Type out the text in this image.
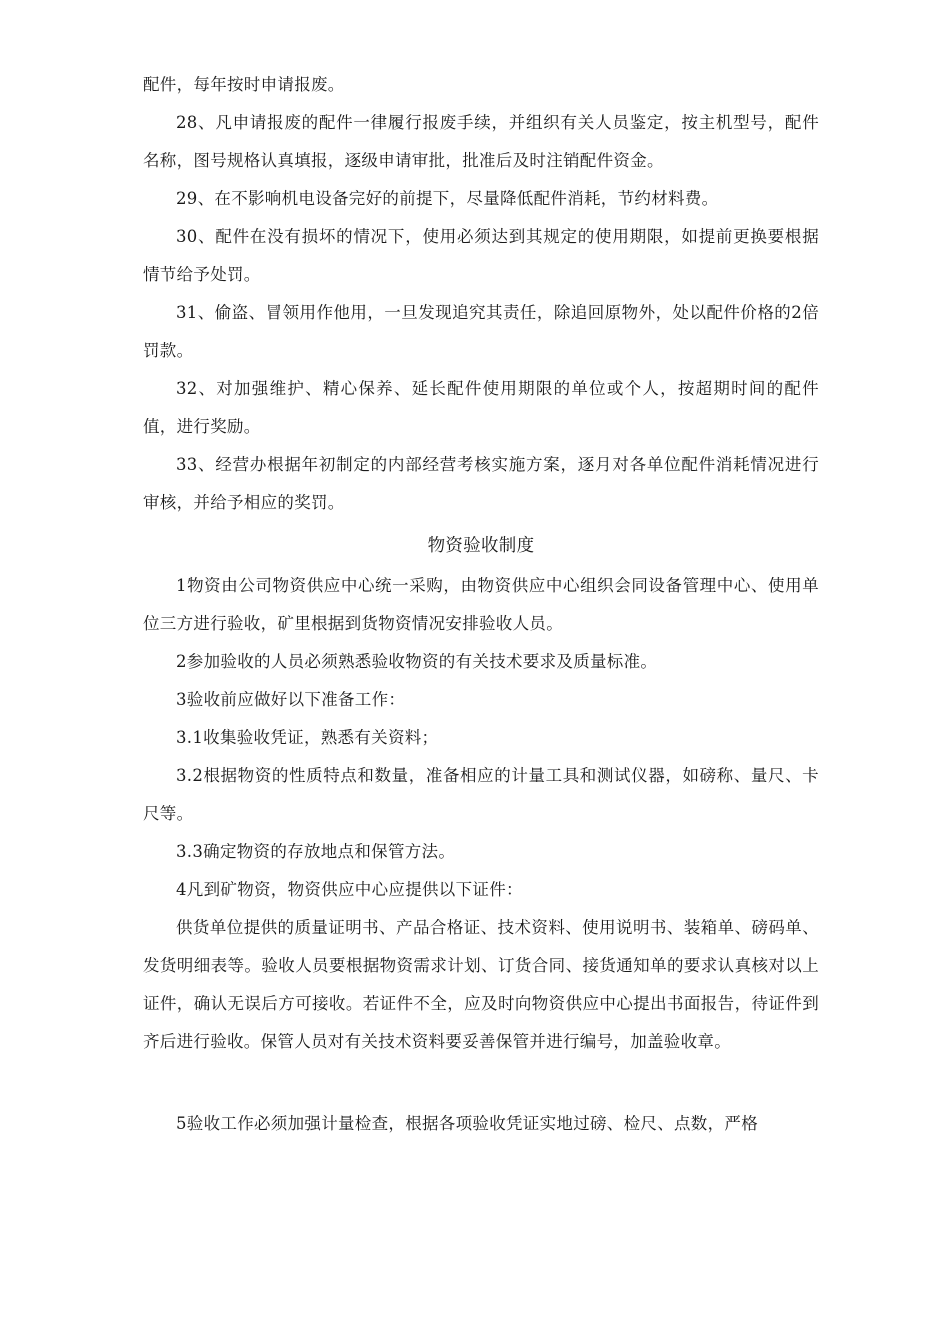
配件，每年按时申请报废。

28、凡申请报废的配件一律履行报废手续，并组织有关人员鉴定，按主机型号，配件名称，图号规格认真填报，逐级申请审批，批准后及时注销配件资金。

29、在不影响机电设备完好的前提下，尽量降低配件消耗，节约材料费。

30、配件在没有损坏的情况下，使用必须达到其规定的使用期限，如提前更换要根据情节给予处罚。

31、偷盗、冒领用作他用，一旦发现追究其责任，除追回原物外，处以配件价格的2倍罚款。

32、对加强维护、精心保养、延长配件使用期限的单位或个人，按超期时间的配件值，进行奖励。

33、经营办根据年初制定的内部经营考核实施方案，逐月对各单位配件消耗情况进行审核，并给予相应的奖罚。

物资验收制度

1物资由公司物资供应中心统一采购，由物资供应中心组织会同设备管理中心、使用单位三方进行验收，矿里根据到货物资情况安排验收人员。

2参加验收的人员必须熟悉验收物资的有关技术要求及质量标准。

3验收前应做好以下准备工作：

3.1收集验收凭证，熟悉有关资料；

3.2根据物资的性质特点和数量，准备相应的计量工具和测试仪器，如磅称、量尺、卡尺等。

3.3确定物资的存放地点和保管方法。

4凡到矿物资，物资供应中心应提供以下证件：

供货单位提供的质量证明书、产品合格证、技术资料、使用说明书、装箱单、磅码单、发货明细表等。验收人员要根据物资需求计划、订货合同、接货通知单的要求认真核对以上证件，确认无误后方可接收。若证件不全，应及时向物资供应中心提出书面报告，待证件到齐后进行验收。保管人员对有关技术资料要妥善保管并进行编号，加盖验收章。

5验收工作必须加强计量检查，根据各项验收凭证实地过磅、检尺、点数，严格
